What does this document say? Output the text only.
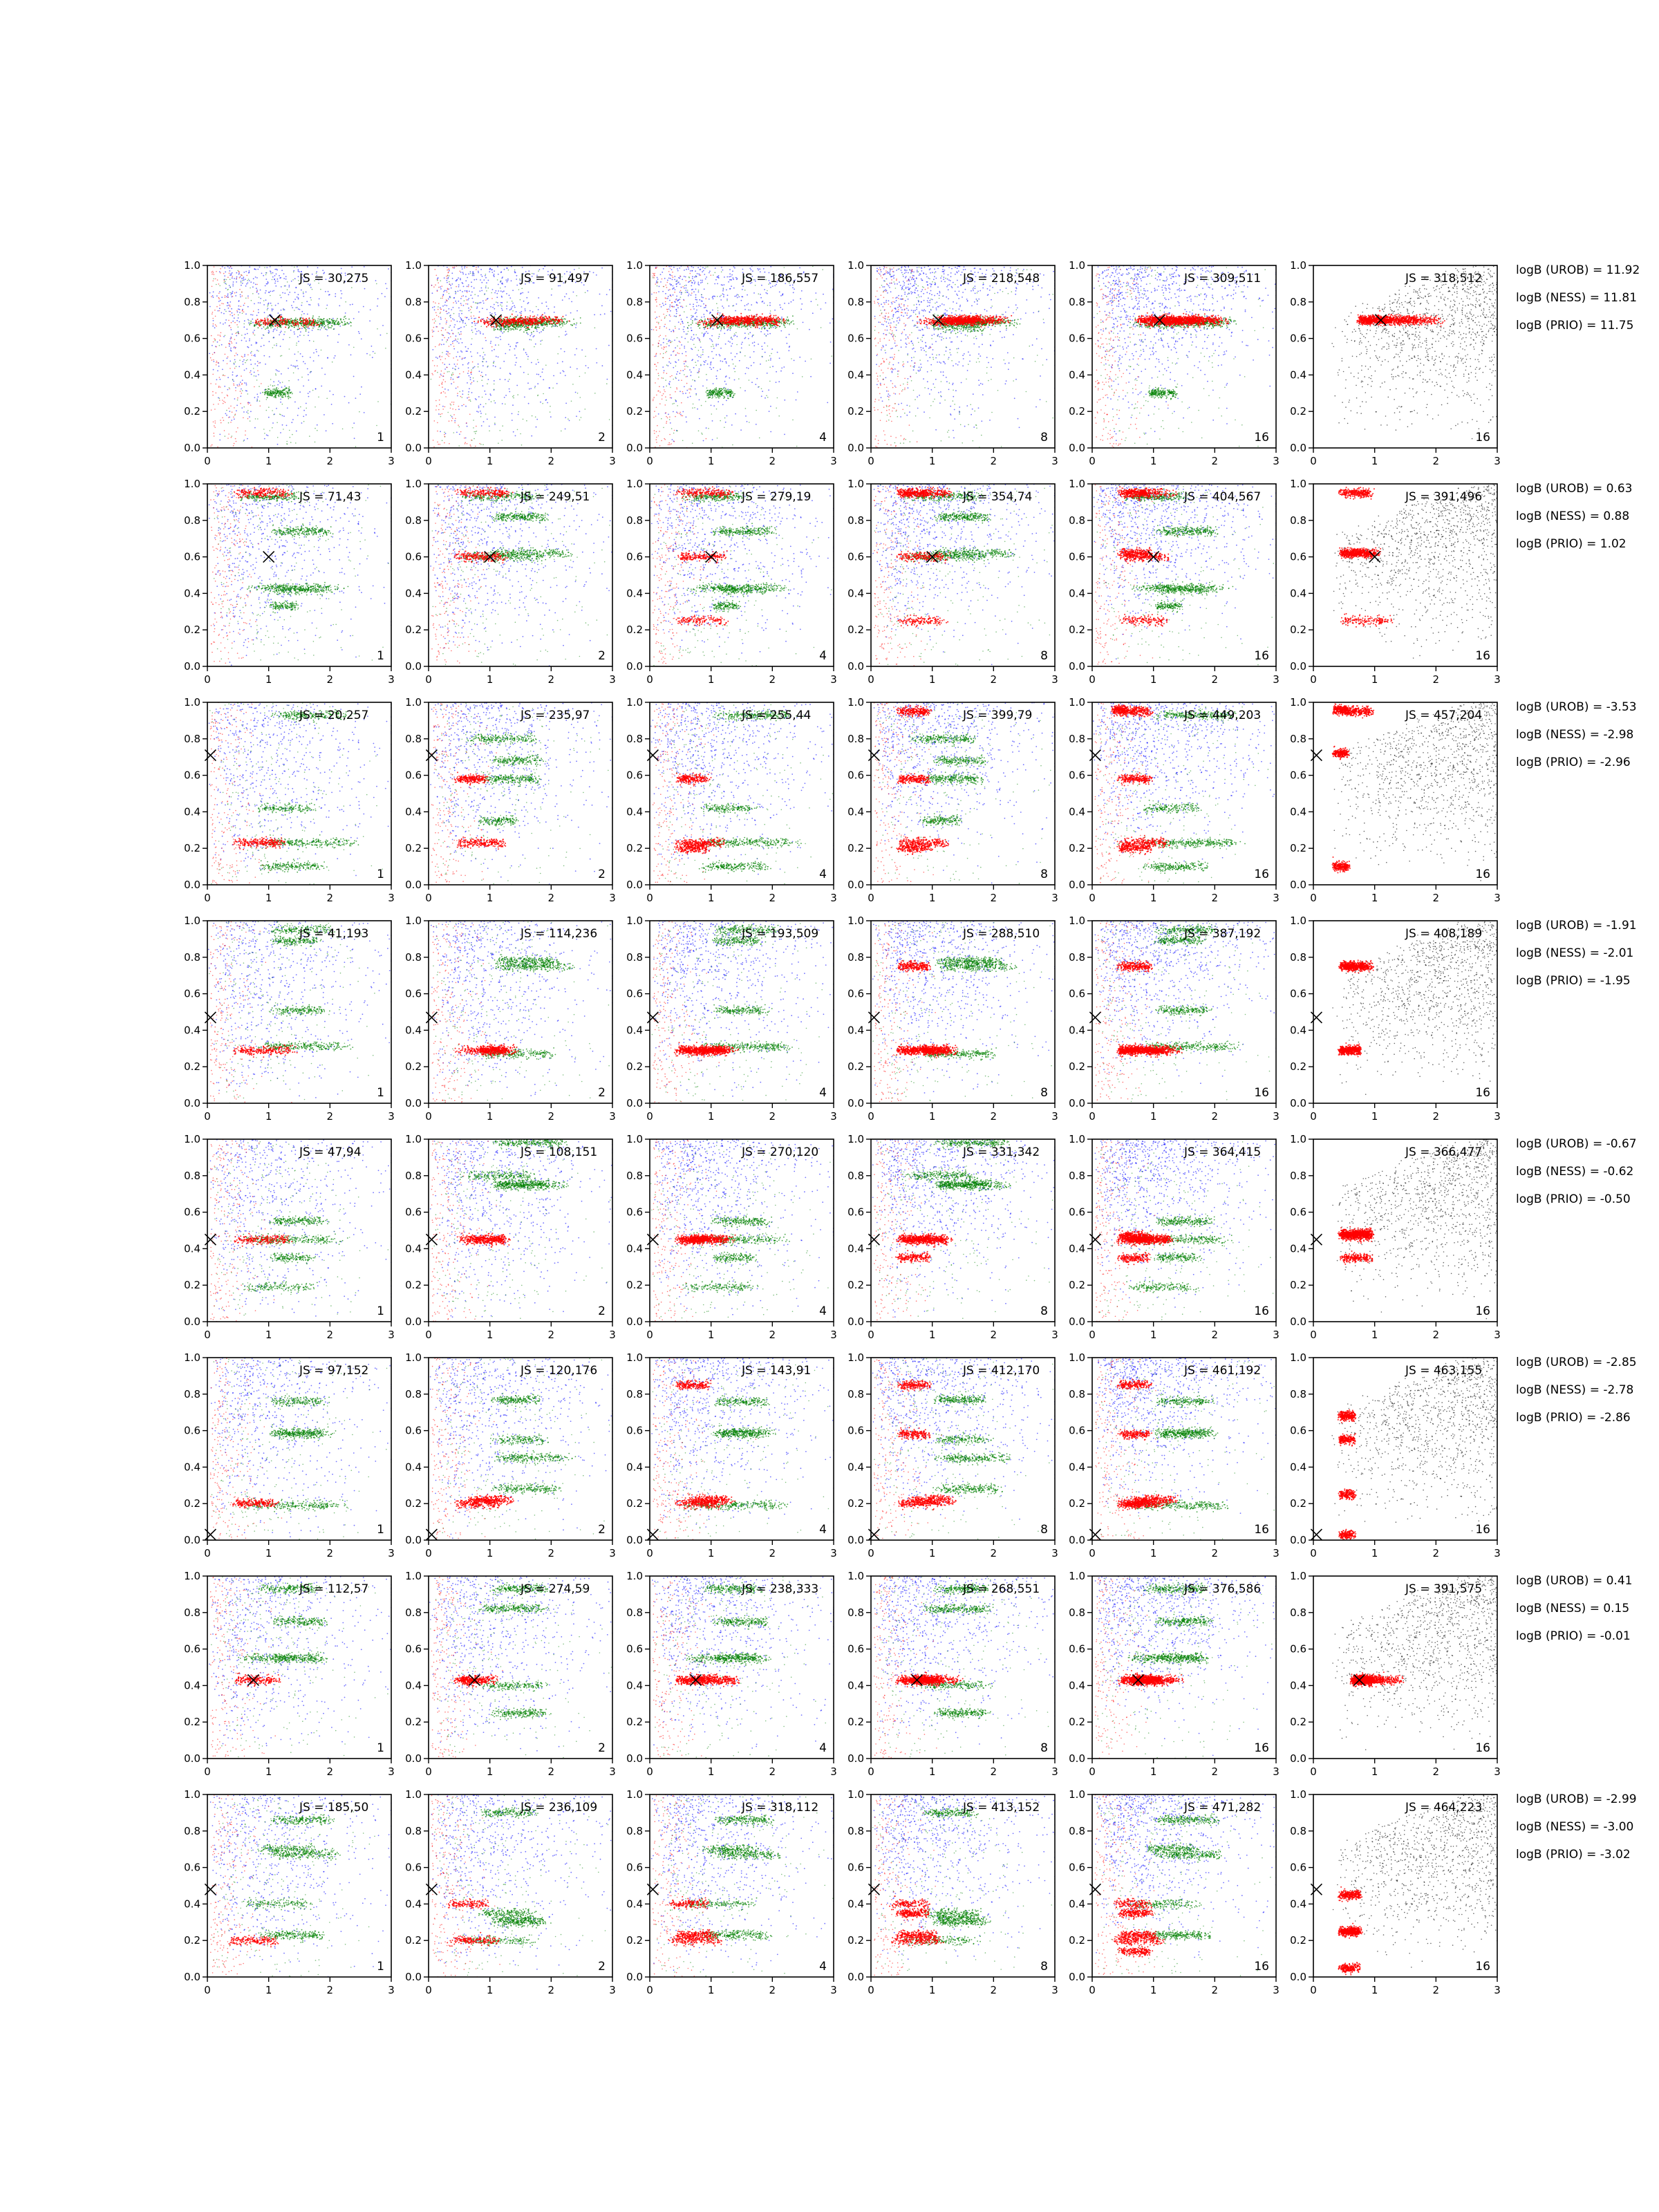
0	1	2	3
0.0
0.2
0.4
0.6
0.8
1.0
JS = 30,275
1
0	1	2	3
0.0
0.2
0.4
0.6
0.8
1.0
JS = 91,497
2
0	1	2	3
0.0
0.2
0.4
0.6
0.8
1.0
JS = 186,557
4
0	1	2	3
0.0
0.2
0.4
0.6
0.8
1.0
JS = 218,548
8
0	1	2	3
0.0
0.2
0.4
0.6
0.8
1.0
JS = 309,511
16
0	1	2	3
0.0
0.2
0.4
0.6
0.8
1.0
JS = 318,512
16
logB (UROB) = 11.92
logB (NESS) = 11.81
logB (PRIO) = 11.75
0	1	2	3
0.0
0.2
0.4
0.6
0.8
1.0
JS = 71,43
1
0	1	2	3
0.0
0.2
0.4
0.6
0.8
1.0
JS = 249,51
2
0	1	2	3
0.0
0.2
0.4
0.6
0.8
1.0
JS = 279,19
4
0	1	2	3
0.0
0.2
0.4
0.6
0.8
1.0
JS = 354,74
8
0	1	2	3
0.0
0.2
0.4
0.6
0.8
1.0
JS = 404,567
16
0	1	2	3
0.0
0.2
0.4
0.6
0.8
1.0
JS = 391,496
16
logB (UROB) = 0.63
logB (NESS) = 0.88
logB (PRIO) = 1.02
0	1	2	3
0.0
0.2
0.4
0.6
0.8
1.0
JS = 20,257
1
0	1	2	3
0.0
0.2
0.4
0.6
0.8
1.0
JS = 235,97
2
0	1	2	3
0.0
0.2
0.4
0.6
0.8
1.0
JS = 255,44
4
0	1	2	3
0.0
0.2
0.4
0.6
0.8
1.0
JS = 399,79
8
0	1	2	3
0.0
0.2
0.4
0.6
0.8
1.0
JS = 449,203
16
0	1	2	3
0.0
0.2
0.4
0.6
0.8
1.0
JS = 457,204
16
logB (UROB) = -3.53
logB (NESS) = -2.98
logB (PRIO) = -2.96
0	1	2	3
0.0
0.2
0.4
0.6
0.8
1.0
JS = 41,193
1
0	1	2	3
0.0
0.2
0.4
0.6
0.8
1.0
JS = 114,236
2
0	1	2	3
0.0
0.2
0.4
0.6
0.8
1.0
JS = 193,509
4
0	1	2	3
0.0
0.2
0.4
0.6
0.8
1.0
JS = 288,510
8
0	1	2	3
0.0
0.2
0.4
0.6
0.8
1.0
JS = 387,192
16
0	1	2	3
0.0
0.2
0.4
0.6
0.8
1.0
JS = 408,189
16
logB (UROB) = -1.91
logB (NESS) = -2.01
logB (PRIO) = -1.95
0	1	2	3
0.0
0.2
0.4
0.6
0.8
1.0
JS = 47,94
1
0	1	2	3
0.0
0.2
0.4
0.6
0.8
1.0
JS = 108,151
2
0	1	2	3
0.0
0.2
0.4
0.6
0.8
1.0
JS = 270,120
4
0	1	2	3
0.0
0.2
0.4
0.6
0.8
1.0
JS = 331,342
8
0	1	2	3
0.0
0.2
0.4
0.6
0.8
1.0
JS = 364,415
16
0	1	2	3
0.0
0.2
0.4
0.6
0.8
1.0
JS = 366,477
16
logB (UROB) = -0.67
logB (NESS) = -0.62
logB (PRIO) = -0.50
0	1	2	3
0.0
0.2
0.4
0.6
0.8
1.0
JS = 97,152
1
0	1	2	3
0.0
0.2
0.4
0.6
0.8
1.0
JS = 120,176
2
0	1	2	3
0.0
0.2
0.4
0.6
0.8
1.0
JS = 143,91
4
0	1	2	3
0.0
0.2
0.4
0.6
0.8
1.0
JS = 412,170
8
0	1	2	3
0.0
0.2
0.4
0.6
0.8
1.0
JS = 461,192
16
0	1	2	3
0.0
0.2
0.4
0.6
0.8
1.0
JS = 463,155
16
logB (UROB) = -2.85
logB (NESS) = -2.78
logB (PRIO) = -2.86
0	1	2	3
0.0
0.2
0.4
0.6
0.8
1.0
JS = 112,57
1
0	1	2	3
0.0
0.2
0.4
0.6
0.8
1.0
JS = 274,59
2
0	1	2	3
0.0
0.2
0.4
0.6
0.8
1.0
JS = 238,333
4
0	1	2	3
0.0
0.2
0.4
0.6
0.8
1.0
JS = 268,551
8
0	1	2	3
0.0
0.2
0.4
0.6
0.8
1.0
JS = 376,586
16
0	1	2	3
0.0
0.2
0.4
0.6
0.8
1.0
JS = 391,575
16
logB (UROB) = 0.41
logB (NESS) = 0.15
logB (PRIO) = -0.01
0	1	2	3
0.0
0.2
0.4
0.6
0.8
1.0
JS = 185,50
1
0	1	2	3
0.0
0.2
0.4
0.6
0.8
1.0
JS = 236,109
2
0	1	2	3
0.0
0.2
0.4
0.6
0.8
1.0
JS = 318,112
4
0	1	2	3
0.0
0.2
0.4
0.6
0.8
1.0
JS = 413,152
8
0	1	2	3
0.0
0.2
0.4
0.6
0.8
1.0
JS = 471,282
16
0	1	2	3
0.0
0.2
0.4
0.6
0.8
1.0
JS = 464,223
16
logB (UROB) = -2.99
logB (NESS) = -3.00
logB (PRIO) = -3.02
